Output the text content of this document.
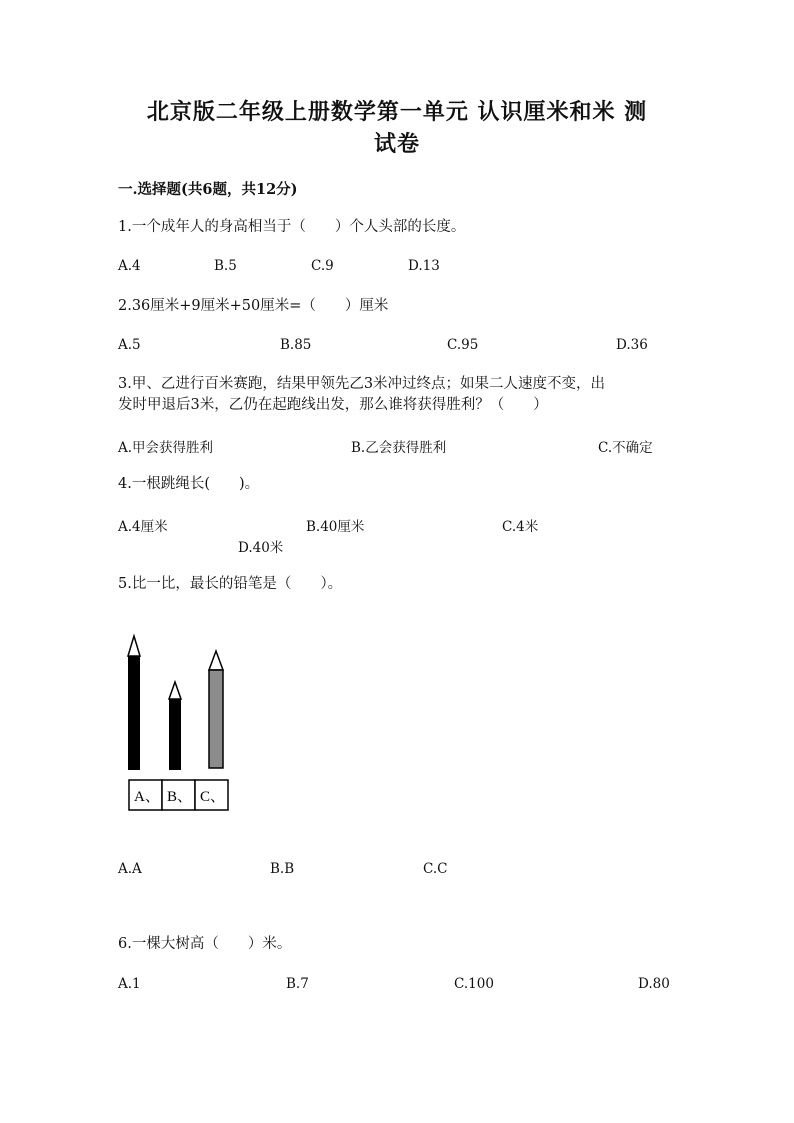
北京版二年级上册数学第一单元 认识厘米和米 测
试卷
一.选择题(共6题，共12分)
1.一个成年人的身高相当于（　　）个人头部的长度。
A.4	B.5	C.9	D.13
2.36厘米+9厘米+50厘米=（　　）厘米
A.5	B.85	C.95	D.36
3.甲、乙进行百米赛跑，结果甲领先乙3米冲过终点；如果二人速度不变，出
发时甲退后3米，乙仍在起跑线出发，那么谁将获得胜利？（　　）
A.甲会获得胜利	B.乙会获得胜利	C.不确定
4.一根跳绳长(　　)。
A.4厘米	B.40厘米	C.4米
D.40米
5.比一比，最长的铅笔是（　　）。
A、 B、 C、
A.A	B.B	C.C
6.一棵大树高（　　）米。
A.1	B.7	C.100	D.80
